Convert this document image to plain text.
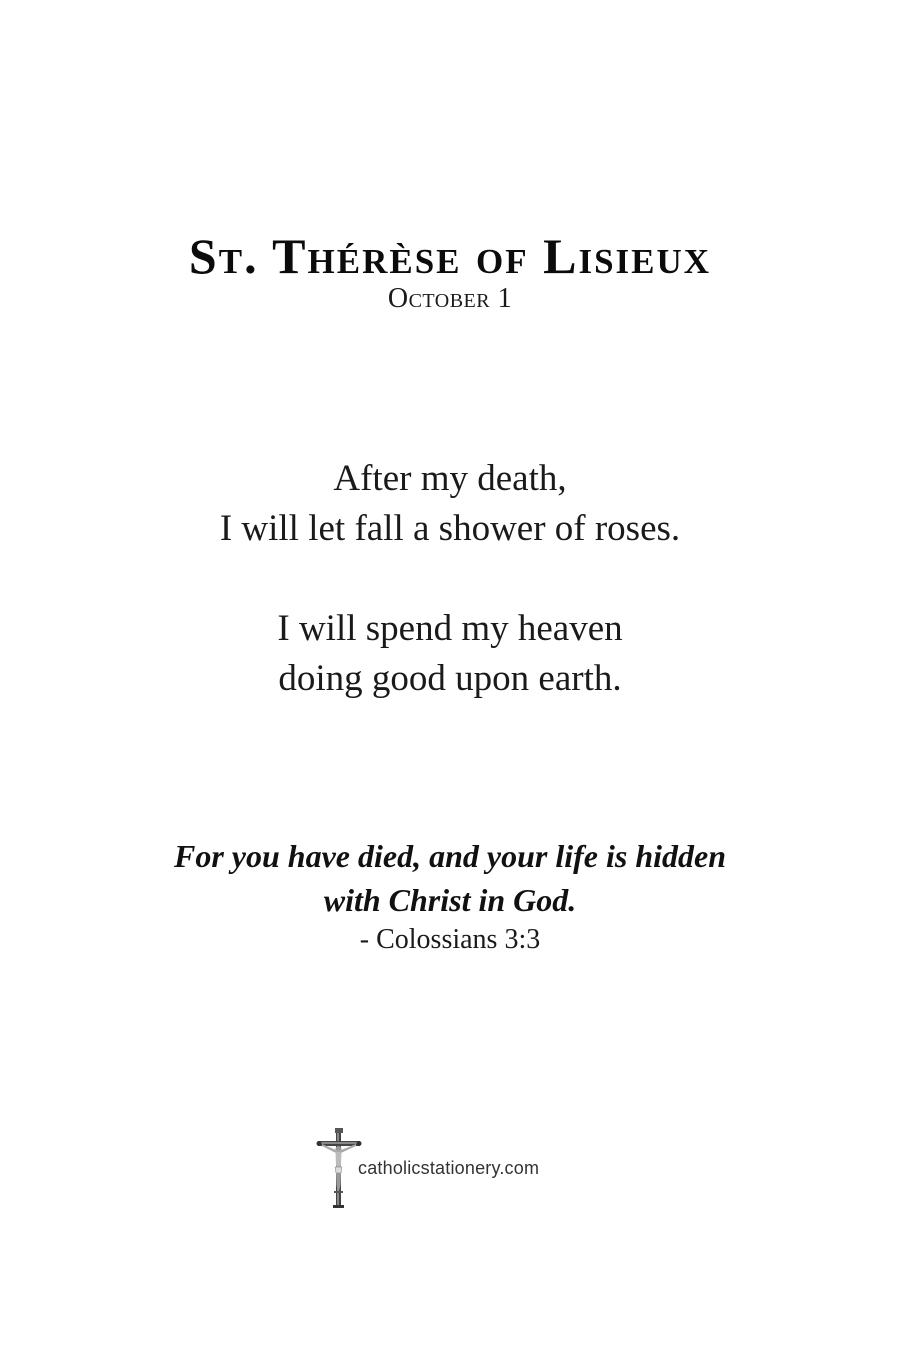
St. Thérèse of Lisieux

October 1

After my death,

I will let fall a shower of roses.

I will spend my heaven

doing good upon earth.

For you have died, and your life is hidden

with Christ in God.

- Colossians 3:3

catholicstationery.com
